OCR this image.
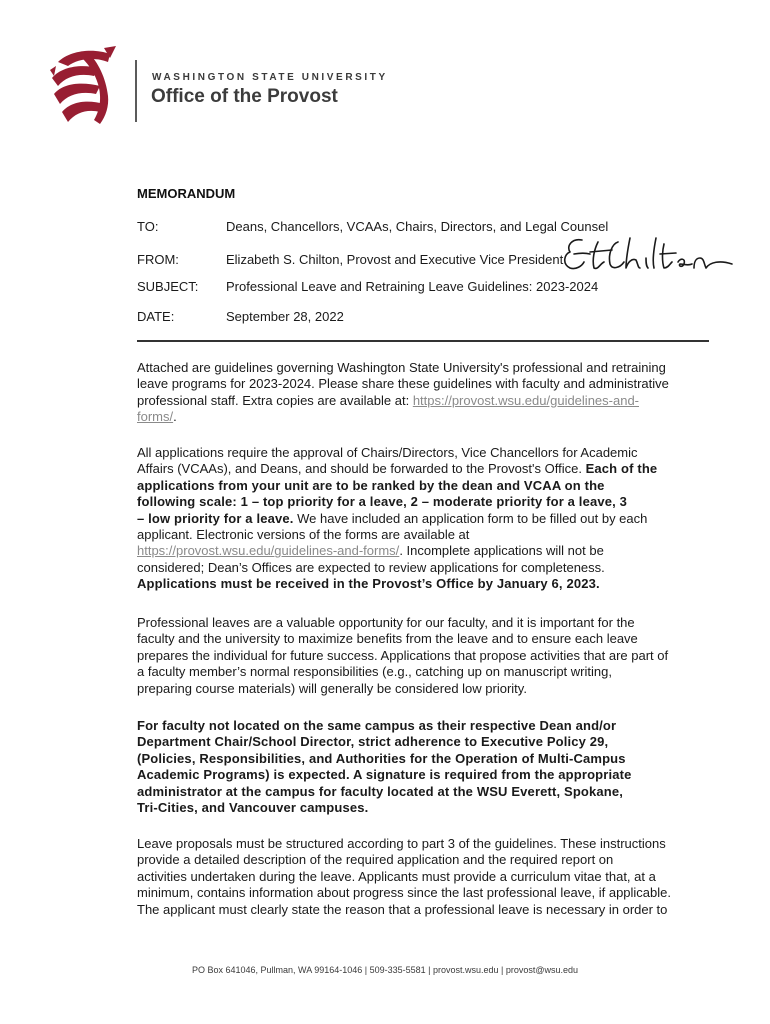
WASHINGTON STATE UNIVERSITY
Office of the Provost
MEMORANDUM
TO:	Deans, Chancellors, VCAAs, Chairs, Directors, and Legal Counsel
FROM:	Elizabeth S. Chilton, Provost and Executive Vice President
SUBJECT:	Professional Leave and Retraining Leave Guidelines: 2023-2024
DATE:	September 28, 2022
Attached are guidelines governing Washington State University's professional and retraining
leave programs for 2023-2024. Please share these guidelines with faculty and administrative
professional staff. Extra copies are available at: https://provost.wsu.edu/guidelines-and-
forms/.
All applications require the approval of Chairs/Directors, Vice Chancellors for Academic
Affairs (VCAAs), and Deans, and should be forwarded to the Provost's Office. Each of the
applications from your unit are to be ranked by the dean and VCAA on the
following scale: 1 – top priority for a leave, 2 – moderate priority for a leave, 3
– low priority for a leave. We have included an application form to be filled out by each
applicant. Electronic versions of the forms are available at
https://provost.wsu.edu/guidelines-and-forms/. Incomplete applications will not be
considered; Dean’s Offices are expected to review applications for completeness.
Applications must be received in the Provost’s Office by January 6, 2023.
Professional leaves are a valuable opportunity for our faculty, and it is important for the
faculty and the university to maximize benefits from the leave and to ensure each leave
prepares the individual for future success. Applications that propose activities that are part of
a faculty member’s normal responsibilities (e.g., catching up on manuscript writing,
preparing course materials) will generally be considered low priority.
For faculty not located on the same campus as their respective Dean and/or
Department Chair/School Director, strict adherence to Executive Policy 29,
(Policies, Responsibilities, and Authorities for the Operation of Multi-Campus
Academic Programs) is expected. A signature is required from the appropriate
administrator at the campus for faculty located at the WSU Everett, Spokane,
Tri-Cities, and Vancouver campuses.
Leave proposals must be structured according to part 3 of the guidelines. These instructions
provide a detailed description of the required application and the required report on
activities undertaken during the leave. Applicants must provide a curriculum vitae that, at a
minimum, contains information about progress since the last professional leave, if applicable.
The applicant must clearly state the reason that a professional leave is necessary in order to
PO Box 641046, Pullman, WA 99164-1046 | 509-335-5581 | provost.wsu.edu | provost@wsu.edu
